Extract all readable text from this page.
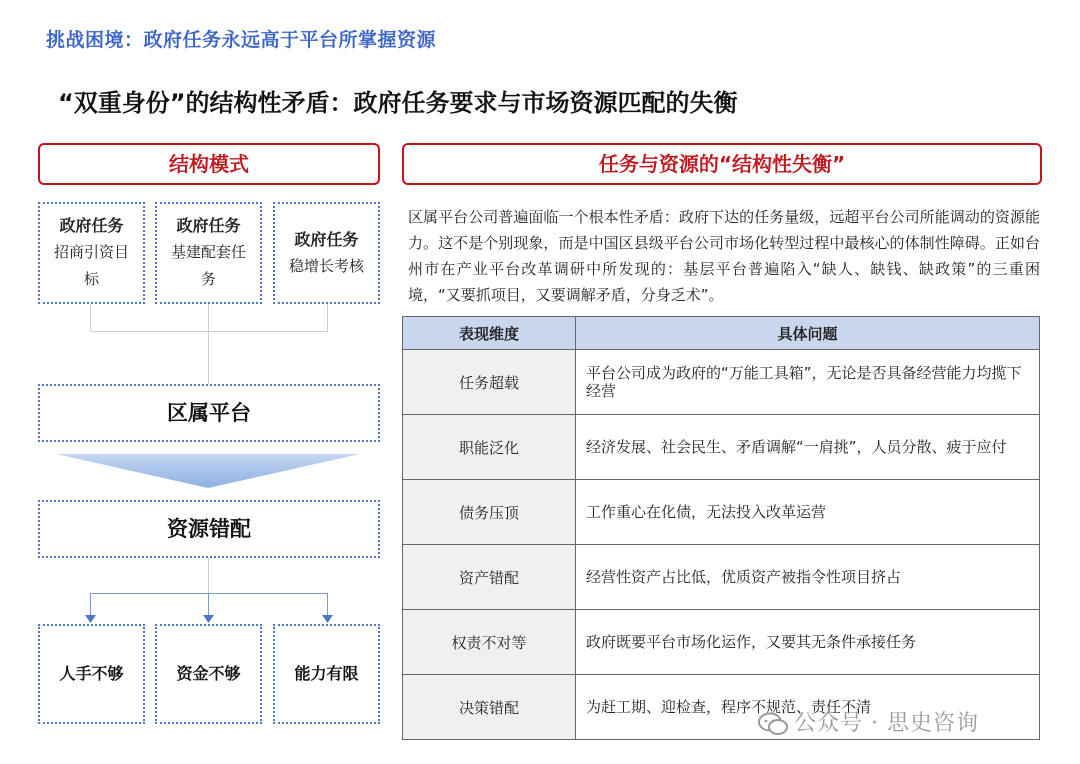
挑战困境：政府任务永远高于平台所掌握资源
“双重身份”的结构性矛盾：政府任务要求与市场资源匹配的失衡
结构模式
政府任务
招商引资目标
政府任务
基建配套任务
政府任务
稳增长考核
区属平台
资源错配
人手不够	资金不够	能力有限
任务与资源的“结构性失衡”
区属平台公司普遍面临一个根本性矛盾：政府下达的任务量级，远超平台公司所能调动的资源能力。这不是个别现象，而是中国区县级平台公司市场化转型过程中最核心的体制性障碍。正如台州市在产业平台改革调研中所发现的：基层平台普遍陷入“缺人、缺钱、缺政策”的三重困境，“又要抓项目，又要调解矛盾，分身乏术”。
表现维度	具体问题
任务超载	平台公司成为政府的“万能工具箱”，无论是否具备经营能力均揽下经营
职能泛化	经济发展、社会民生、矛盾调解“一肩挑”，人员分散、疲于应付
债务压顶	工作重心在化债，无法投入改革运营
资产错配	经营性资产占比低，优质资产被指令性项目挤占
权责不对等	政府既要平台市场化运作，又要其无条件承接任务
决策错配	为赶工期、迎检查，程序不规范、责任不清
公众号 · 思史咨询
